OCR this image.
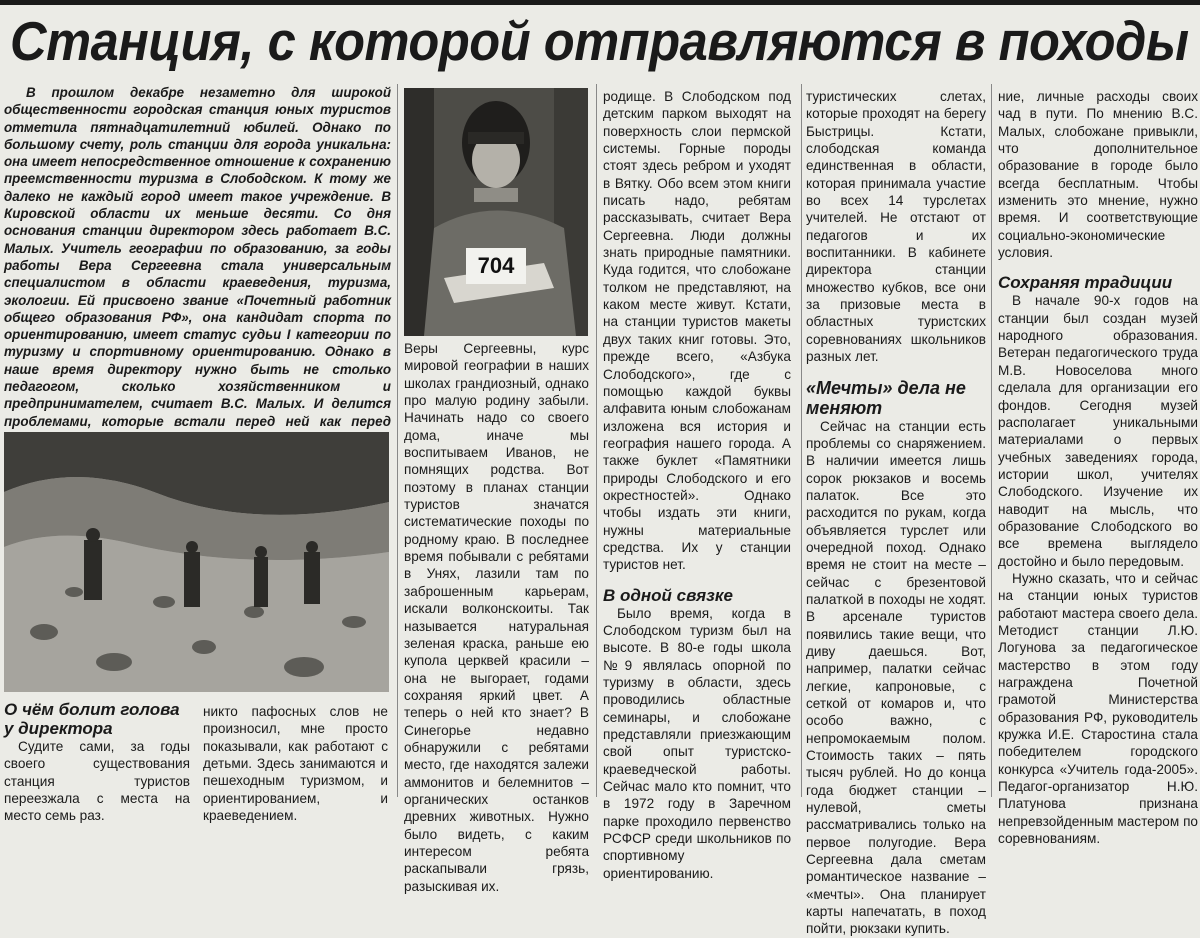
Станция, с которой отправляются в походы

В прошлом декабре незаметно для широкой общественности городская станция юных туристов отметила пятнадцатилетний юбилей. Однако по большому счету, роль станции для города уникальна: она имеет непосредственное отношение к сохранению преемственности туризма в Слободском. К тому же далеко не каждый город имеет такое учреждение. В Кировской области их меньше десяти. Со дня основания станции директором здесь работает В.С. Малых. Учитель географии по образованию, за годы работы Вера Сергеевна стала универсальным специалистом в области краеведения, туризма, экологии. Ей присвоено звание «Почетный работник общего образования РФ», она кандидат спорта по ориентированию, имеет статус судьи I категории по туризму и спортивному ориентированию. Однако в наше время директору нужно быть не столько педагогом, сколько хозяйственником и предпринимателем, считает В.С. Малых. И делится проблемами, которые встали перед ней как перед

704

О чём болит голова у директора

Судите сами, за годы своего существования станция туристов переезжала с места на место семь раз.

никто пафосных слов не произносил, мне просто показывали, как работают с детьми. Здесь занимаются и пешеходным туризмом, и ориентированием, и краеведением.

Веры Сергеевны, курс мировой географии в наших школах грандиозный, однако про малую родину забыли. Начинать надо со своего дома, иначе мы воспитываем Иванов, не помнящих родства. Вот поэтому в планах станции туристов значатся систематические походы по родному краю. В последнее время побывали с ребятами в Унях, лазили там по заброшенным карьерам, искали волконскоиты. Так называется натуральная зеленая краска, раньше ею купола церквей красили – она не выгорает, годами сохраняя яркий цвет. А теперь о ней кто знает? В Синегорье недавно обнаружили с ребятами место, где находятся залежи аммонитов и белемнитов – органических останков древних животных. Нужно было видеть, с каким интересом ребята раскапывали грязь, разыскивая их.

родище. В Слободском под детским парком выходят на поверхность слои пермской системы. Горные породы стоят здесь ребром и уходят в Вятку. Обо всем этом книги писать надо, ребятам рассказывать, считает Вера Сергеевна. Люди должны знать природные памятники. Куда годится, что слобожане толком не представляют, на каком месте живут. Кстати, на станции туристов макеты двух таких книг готовы. Это, прежде всего, «Азбука Слободского», где с помощью каждой буквы алфавита юным слобожанам изложена вся история и география нашего города. А также буклет «Памятники природы Слободского и его окрестностей». Однако чтобы издать эти книги, нужны материальные средства. Их у станции туристов нет.

В одной связке

Было время, когда в Слободском туризм был на высоте. В 80-е годы школа №9 являлась опорной по туризму в области, здесь проводились областные семинары, и слобожане представляли приезжающим свой опыт туристско-краеведческой работы. Сейчас мало кто помнит, что в 1972 году в Заречном парке проходило первенство РСФСР среди школьников по спортивному ориентированию.

туристических слетах, которые проходят на берегу Быстрицы. Кстати, слободская команда единственная в области, которая принимала участие во всех 14 турслетах учителей. Не отстают от педагогов и их воспитанники. В кабинете директора станции множество кубков, все они за призовые места в областных туристских соревнованиях школьников разных лет.

«Мечты» дела не меняют

Сейчас на станции есть проблемы со снаряжением. В наличии имеется лишь сорок рюкзаков и восемь палаток. Все это расходится по рукам, когда объявляется турслет или очередной поход. Однако время не стоит на месте – сейчас с брезентовой палаткой в походы не ходят. В арсенале туристов появились такие вещи, что диву даешься. Вот, например, палатки сейчас легкие, капроновые, с сеткой от комаров и, что особо важно, с непромокаемым полом. Стоимость таких – пять тысяч рублей. Но до конца года бюджет станции – нулевой, сметы рассматривались только на первое полугодие. Вера Сергеевна дала сметам романтическое название – «мечты». Она планирует карты напечатать, в поход пойти, рюкзаки купить.

ние, личные расходы своих чад в пути. По мнению В.С. Малых, слобожане привыкли, что дополнительное образование в городе было всегда бесплатным. Чтобы изменить это мнение, нужно время. И соответствующие социально-экономические условия.

Сохраняя традиции

В начале 90-х годов на станции был создан музей народного образования. Ветеран педагогического труда М.В. Новоселова много сделала для организации его фондов. Сегодня музей располагает уникальными материалами о первых учебных заведениях города, истории школ, учителях Слободского. Изучение их наводит на мысль, что образование Слободского во все времена выглядело достойно и было передовым.

Нужно сказать, что и сейчас на станции юных туристов работают мастера своего дела. Методист станции Л.Ю. Логунова за педагогическое мастерство в этом году награждена Почетной грамотой Министерства образования РФ, руководитель кружка И.Е. Старостина стала победителем городского конкурса «Учитель года-2005». Педагог-организатор Н.Ю. Платунова признана непревзойденным мастером по соревнованиям.
